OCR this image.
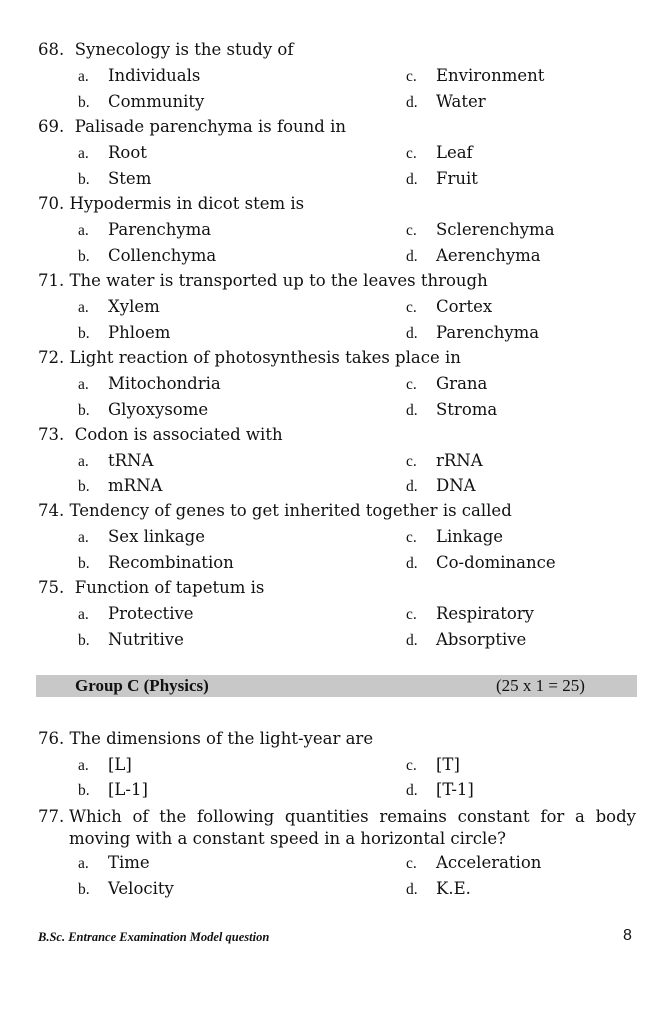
68. Synecology is the study of
a. Individuals
b. Community
c. Environment
d. Water
69. Palisade parenchyma is found in
a. Root
b. Stem
c. Leaf
d. Fruit
70. Hypodermis in dicot stem is
a. Parenchyma
b. Collenchyma
c. Sclerenchyma
d. Aerenchyma
71. The water is transported up to the leaves through
a. Xylem
b. Phloem
c. Cortex
d. Parenchyma
72. Light reaction of photosynthesis takes place in
a. Mitochondria
b. Glyoxysome
c. Grana
d. Stroma
73. Codon is associated with
a. tRNA
b. mRNA
c. rRNA
d. DNA
74. Tendency of genes to get inherited together is called
a. Sex linkage
b. Recombination
c. Linkage
d. Co-dominance
75. Function of tapetum is
a. Protective
b. Nutritive
c. Respiratory
d. Absorptive
Group C (Physics)	(25 x 1 = 25)
76. The dimensions of the light-year are
a. [L]
b. [L-1]
c. [T]
d. [T-1]
77. Which of the following quantities remains constant for a body moving with a constant speed in a horizontal circle?
a. Time
b. Velocity
c. Acceleration
d. K.E.
B.Sc. Entrance Examination Model question	8
